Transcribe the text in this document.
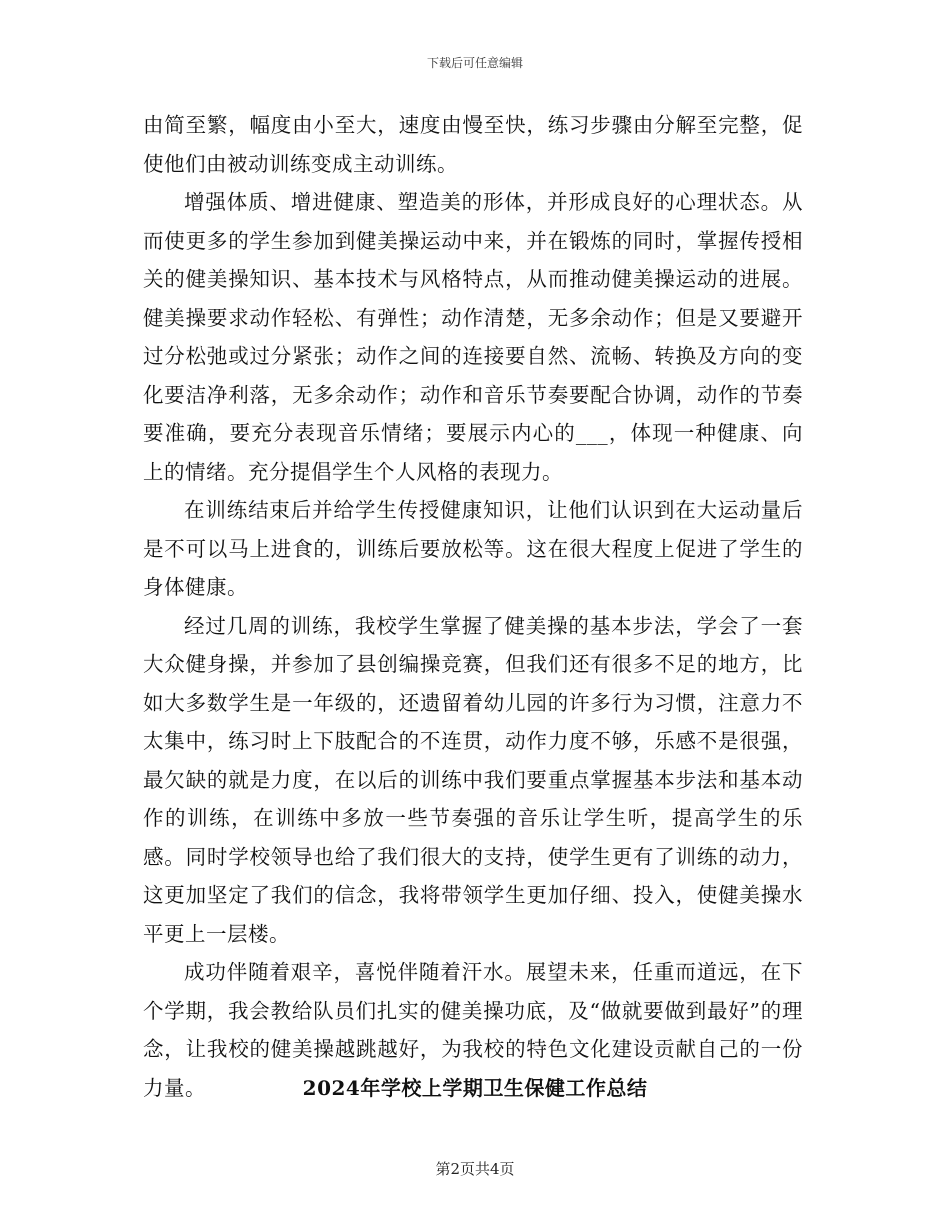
下载后可任意编辑

由简至繁，幅度由小至大，速度由慢至快，练习步骤由分解至完整，促使他们由被动训练变成主动训练。

增强体质、增进健康、塑造美的形体，并形成良好的心理状态。从而使更多的学生参加到健美操运动中来，并在锻炼的同时，掌握传授相关的健美操知识、基本技术与风格特点，从而推动健美操运动的进展。健美操要求动作轻松、有弹性；动作清楚，无多余动作；但是又要避开过分松弛或过分紧张；动作之间的连接要自然、流畅、转换及方向的变化要洁净利落，无多余动作；动作和音乐节奏要配合协调，动作的节奏要准确，要充分表现音乐情绪；要展示内心的___，体现一种健康、向上的情绪。充分提倡学生个人风格的表现力。

在训练结束后并给学生传授健康知识，让他们认识到在大运动量后是不可以马上进食的，训练后要放松等。这在很大程度上促进了学生的身体健康。

经过几周的训练，我校学生掌握了健美操的基本步法，学会了一套大众健身操，并参加了县创编操竞赛，但我们还有很多不足的地方，比如大多数学生是一年级的，还遗留着幼儿园的许多行为习惯，注意力不太集中，练习时上下肢配合的不连贯，动作力度不够，乐感不是很强，最欠缺的就是力度，在以后的训练中我们要重点掌握基本步法和基本动作的训练，在训练中多放一些节奏强的音乐让学生听，提高学生的乐感。同时学校领导也给了我们很大的支持，使学生更有了训练的动力，这更加坚定了我们的信念，我将带领学生更加仔细、投入，使健美操水平更上一层楼。

成功伴随着艰辛，喜悦伴随着汗水。展望未来，任重而道远，在下个学期，我会教给队员们扎实的健美操功底，及“做就要做到最好”的理念，让我校的健美操越跳越好，为我校的特色文化建设贡献自己的一份力量。	2024年学校上学期卫生保健工作总结
第2页共4页
